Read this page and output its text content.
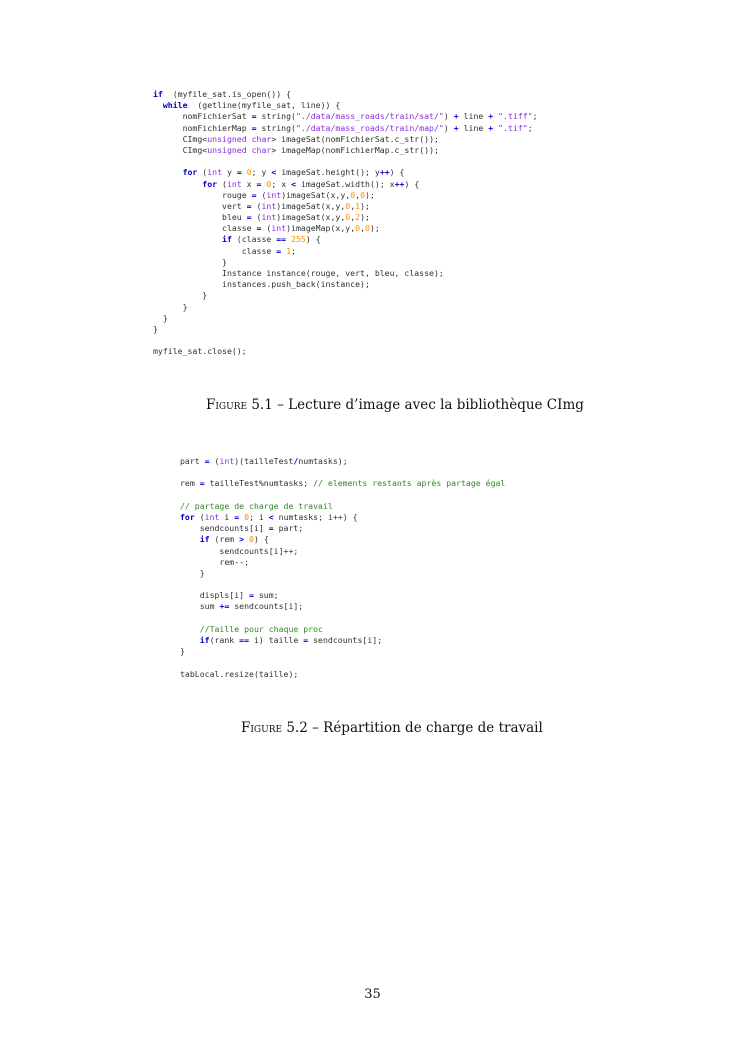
if  (myfile_sat.is_open()) {
while  (getline(myfile_sat, line)) {
nomFichierSat = string("./data/mass_roads/train/sat/") + line + ".tiff";
nomFichierMap = string("./data/mass_roads/train/map/") + line + ".tif";
CImg<unsigned char> imageSat(nomFichierSat.c_str());
CImg<unsigned char> imageMap(nomFichierMap.c_str());
for (int y = 0; y < imageSat.height(); y++) {
for (int x = 0; x < imageSat.width(); x++) {
rouge = (int)imageSat(x,y,0,0);
vert = (int)imageSat(x,y,0,1);
bleu = (int)imageSat(x,y,0,2);
classe = (int)imageMap(x,y,0,0);
if (classe == 255) {
classe = 1;
}
Instance instance(rouge, vert, bleu, classe);
instances.push_back(instance);
}
}
}
}
myfile_sat.close();
Figure 5.1 – Lecture d’image avec la bibliothèque CImg
part = (int)(tailleTest/numtasks);
rem = tailleTest%numtasks; // elements restants après partage égal
// partage de charge de travail
for (int i = 0; i < numtasks; i++) {
sendcounts[i] = part;
if (rem > 0) {
sendcounts[i]++;
rem--;
}
displs[i] = sum;
sum += sendcounts[i];
//Taille pour chaque proc
if(rank == i) taille = sendcounts[i];
}
tabLocal.resize(taille);
Figure 5.2 – Répartition de charge de travail
35
